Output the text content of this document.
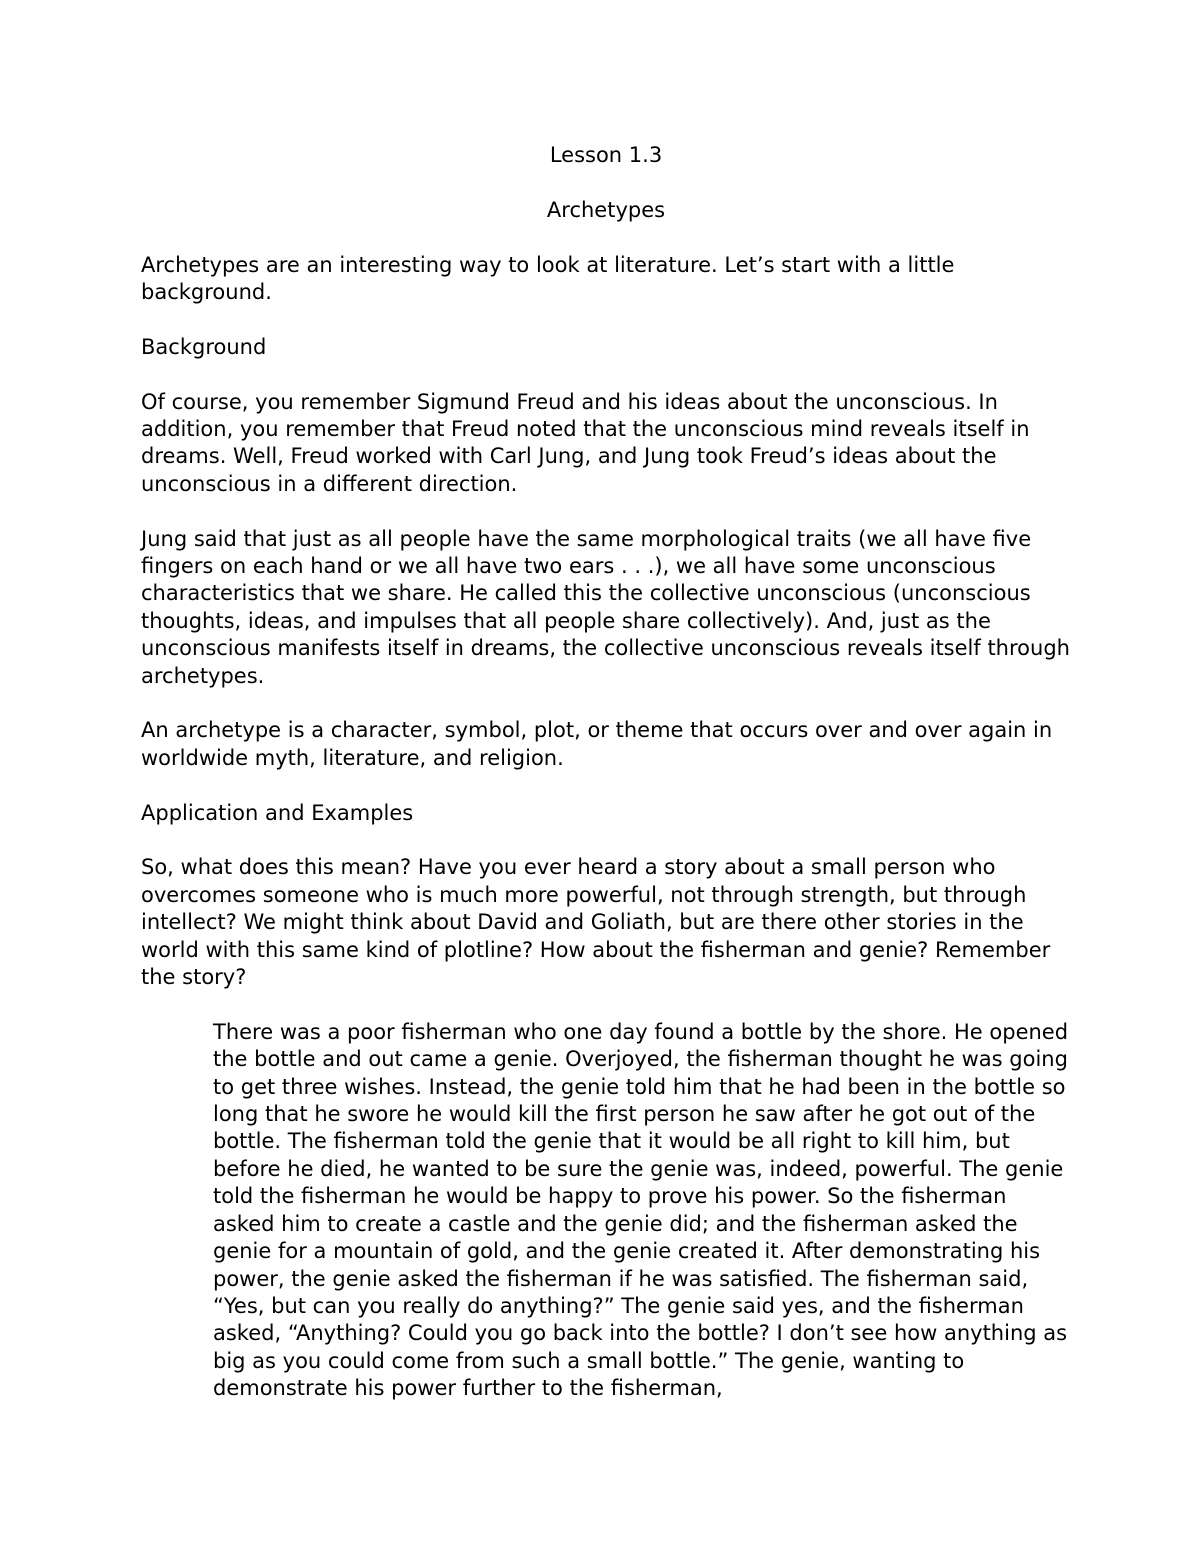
Lesson 1.3

Archetypes

Archetypes are an interesting way to look at literature. Let’s start with a little background.

Background

Of course, you remember Sigmund Freud and his ideas about the unconscious. In addition, you remember that Freud noted that the unconscious mind reveals itself in dreams. Well, Freud worked with Carl Jung, and Jung took Freud’s ideas about the unconscious in a different direction.

Jung said that just as all people have the same morphological traits (we all have five fingers on each hand or we all have two ears . . .), we all have some unconscious characteristics that we share. He called this the collective unconscious (unconscious thoughts, ideas, and impulses that all people share collectively). And, just as the unconscious manifests itself in dreams, the collective unconscious reveals itself through archetypes.

An archetype is a character, symbol, plot, or theme that occurs over and over again in worldwide myth, literature, and religion.

Application and Examples

So, what does this mean? Have you ever heard a story about a small person who overcomes someone who is much more powerful, not through strength, but through intellect? We might think about David and Goliath, but are there other stories in the world with this same kind of plotline? How about the fisherman and genie? Remember the story?

There was a poor fisherman who one day found a bottle by the shore. He opened the bottle and out came a genie. Overjoyed, the fisherman thought he was going to get three wishes. Instead, the genie told him that he had been in the bottle so long that he swore he would kill the first person he saw after he got out of the bottle. The fisherman told the genie that it would be all right to kill him, but before he died, he wanted to be sure the genie was, indeed, powerful. The genie told the fisherman he would be happy to prove his power. So the fisherman asked him to create a castle and the genie did; and the fisherman asked the genie for a mountain of gold, and the genie created it. After demonstrating his power, the genie asked the fisherman if he was satisfied. The fisherman said, “Yes, but can you really do anything?” The genie said yes, and the fisherman asked, “Anything? Could you go back into the bottle? I don’t see how anything as big as you could come from such a small bottle.” The genie, wanting to demonstrate his power further to the fisherman,
